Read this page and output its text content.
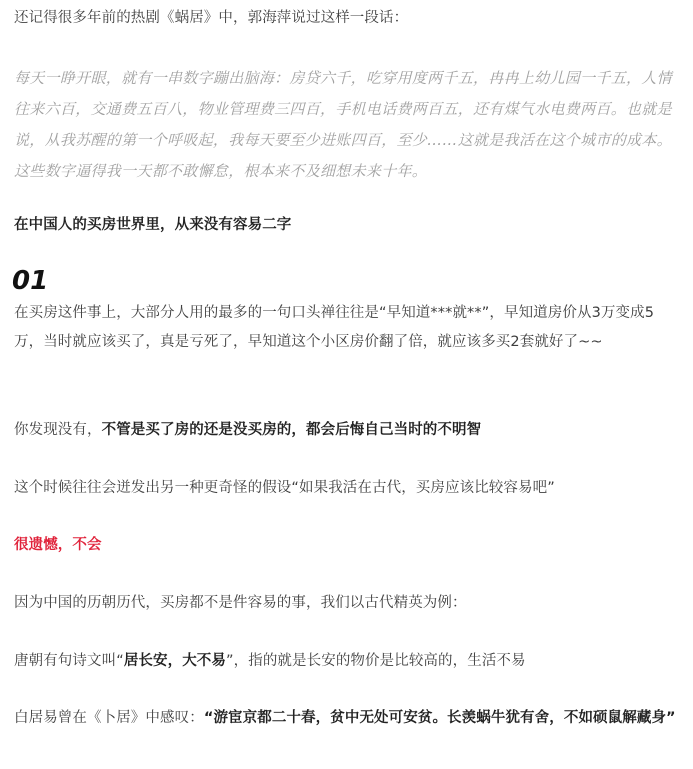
还记得很多年前的热剧《蜗居》中，郭海萍说过这样一段话：

每天一睁开眼，就有一串数字蹦出脑海：房贷六千，吃穿用度两千五，冉冉上幼儿园一千五，人情往来六百，交通费五百八，物业管理费三四百，手机电话费两百五，还有煤气水电费两百。也就是说，从我苏醒的第一个呼吸起，我每天要至少进账四百，至少……这就是我活在这个城市的成本。这些数字逼得我一天都不敢懈怠，根本来不及细想未来十年。

在中国人的买房世界里，从来没有容易二字

01

在买房这件事上，大部分人用的最多的一句口头禅往往是“早知道***就**”，早知道房价从3万变成5万，当时就应该买了，真是亏死了，早知道这个小区房价翻了倍，就应该多买2套就好了~~

你发现没有，不管是买了房的还是没买房的，都会后悔自己当时的不明智

这个时候往往会迸发出另一种更奇怪的假设“如果我活在古代，买房应该比较容易吧”

很遗憾，不会

因为中国的历朝历代，买房都不是件容易的事，我们以古代精英为例：

唐朝有句诗文叫“居长安，大不易”，指的就是长安的物价是比较高的，生活不易

白居易曾在《卜居》中感叹：“游宦京都二十春，贫中无处可安贫。长羡蜗牛犹有舍，不如硕鼠解藏身”
